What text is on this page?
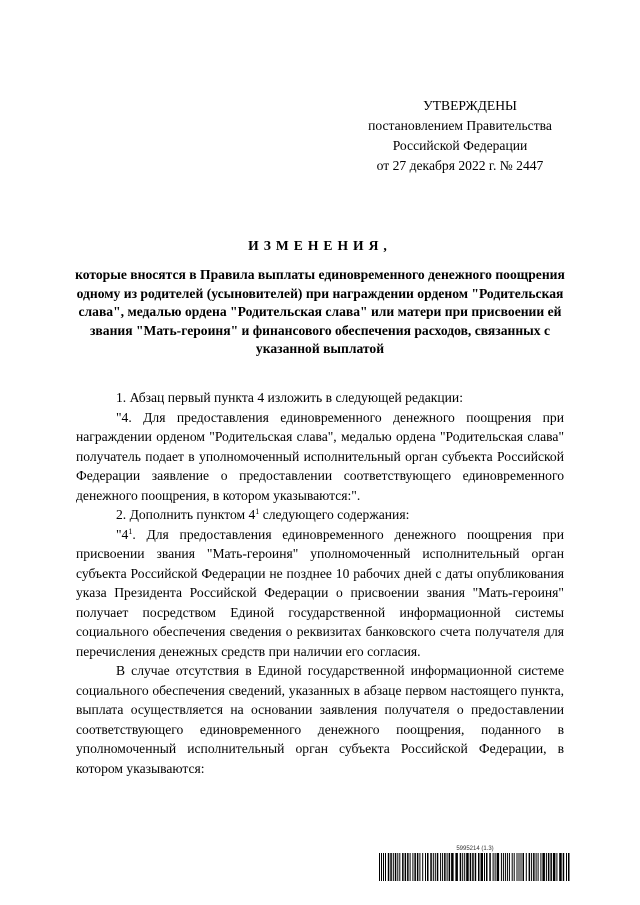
УТВЕРЖДЕНЫ
постановлением Правительства
Российской Федерации
от 27 декабря 2022 г. № 2447
ИЗМЕНЕНИЯ,
которые вносятся в Правила выплаты единовременного денежного поощрения одному из родителей (усыновителей) при награждении орденом "Родительская слава", медалью ордена "Родительская слава" или матери при присвоении ей звания "Мать-героиня" и финансового обеспечения расходов, связанных с указанной выплатой

1. Абзац первый пункта 4 изложить в следующей редакции:

"4. Для предоставления единовременного денежного поощрения при награждении орденом "Родительская слава", медалью ордена "Родительская слава" получатель подает в уполномоченный исполнительный орган субъекта Российской Федерации заявление о предоставлении соответствующего единовременного денежного поощрения, в котором указываются:".

2. Дополнить пунктом $4^1$ следующего содержания:

"$4^1$. Для предоставления единовременного денежного поощрения при присвоении звания "Мать-героиня" уполномоченный исполнительный орган субъекта Российской Федерации не позднее 10 рабочих дней с даты опубликования указа Президента Российской Федерации о присвоении звания "Мать-героиня" получает посредством Единой государственной информационной системы социального обеспечения сведения о реквизитах банковского счета получателя для перечисления денежных средств при наличии его согласия.

В случае отсутствия в Единой государственной информационной системе социального обеспечения сведений, указанных в абзаце первом настоящего пункта, выплата осуществляется на основании заявления получателя о предоставлении соответствующего единовременного денежного поощрения, поданного в уполномоченный исполнительный орган субъекта Российской Федерации, в котором указываются:

5995214 (1.3)
